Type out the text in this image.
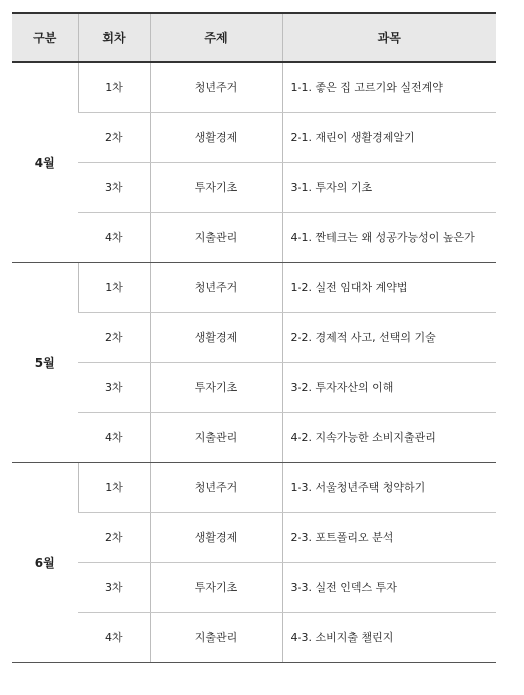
구분	회차	주제	과목
4월	1차	청년주거	1-1. 좋은 집 고르기와 실전계약
	2차	생활경제	2-1. 재린이 생활경제알기
	3차	투자기초	3-1. 투자의 기초
	4차	지출관리	4-1. 짠테크는 왜 성공가능성이 높은가
5월	1차	청년주거	1-2. 실전 임대차 계약법
	2차	생활경제	2-2. 경제적 사고, 선택의 기술
	3차	투자기초	3-2. 투자자산의 이해
	4차	지출관리	4-2. 지속가능한 소비지출관리
6월	1차	청년주거	1-3. 서울청년주택 청약하기
	2차	생활경제	2-3. 포트폴리오 분석
	3차	투자기초	3-3. 실전 인덱스 투자
	4차	지출관리	4-3. 소비지출 챌린지
